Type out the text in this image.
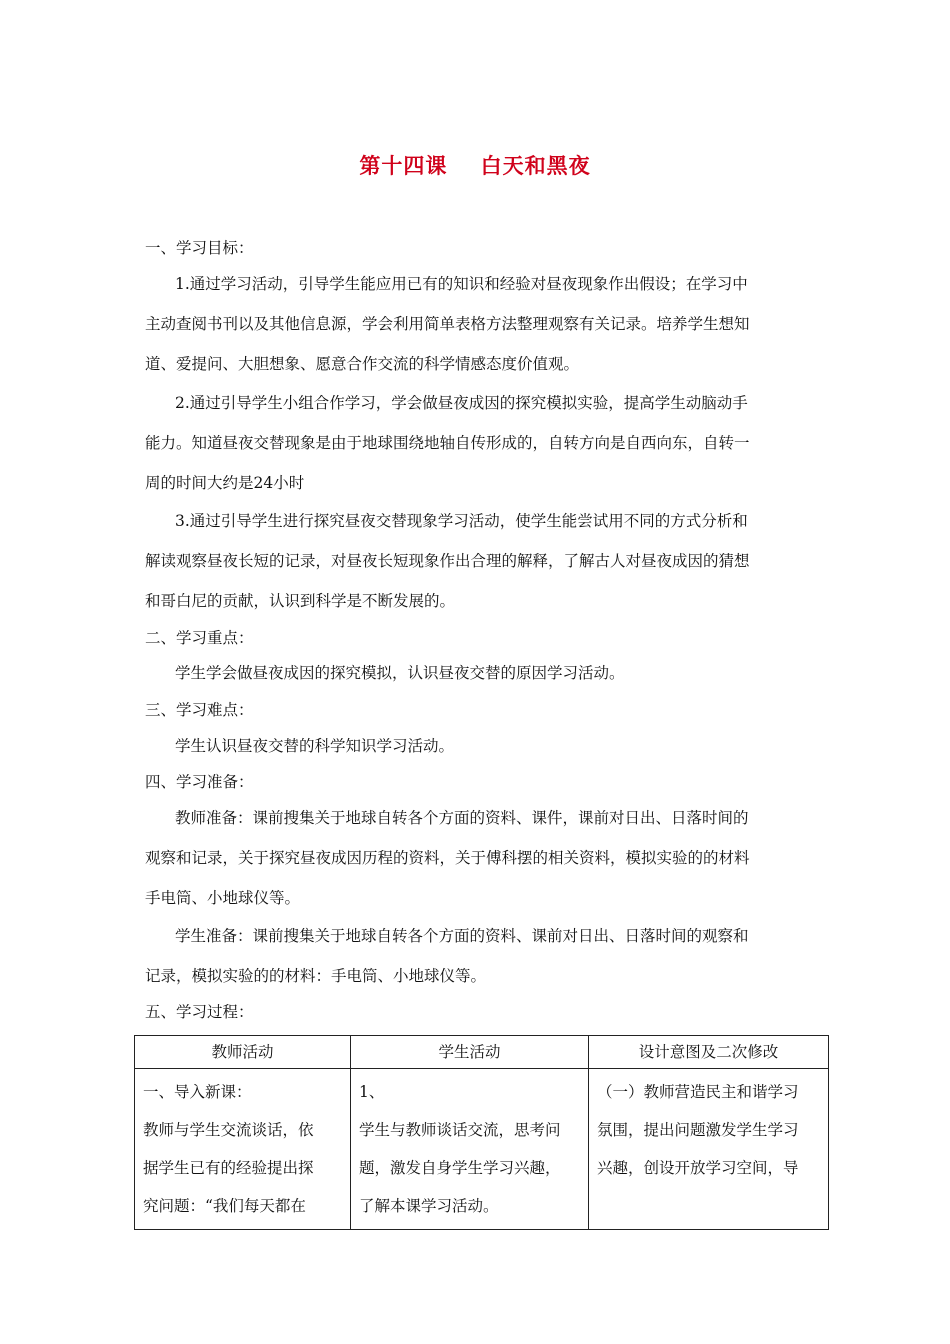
第十四课 白天和黑夜
一、学习目标：
1.通过学习活动，引导学生能应用已有的知识和经验对昼夜现象作出假设；在学习中
主动查阅书刊以及其他信息源，学会利用简单表格方法整理观察有关记录。培养学生想知
道、爱提问、大胆想象、愿意合作交流的科学情感态度价值观。
2.通过引导学生小组合作学习，学会做昼夜成因的探究模拟实验，提高学生动脑动手
能力。知道昼夜交替现象是由于地球围绕地轴自传形成的，自转方向是自西向东，自转一
周的时间大约是24小时
3.通过引导学生进行探究昼夜交替现象学习活动，使学生能尝试用不同的方式分析和
解读观察昼夜长短的记录，对昼夜长短现象作出合理的解释，了解古人对昼夜成因的猜想
和哥白尼的贡献，认识到科学是不断发展的。
二、学习重点：
学生学会做昼夜成因的探究模拟，认识昼夜交替的原因学习活动。
三、学习难点：
学生认识昼夜交替的科学知识学习活动。
四、学习准备：
教师准备：课前搜集关于地球自转各个方面的资料、课件，课前对日出、日落时间的
观察和记录，关于探究昼夜成因历程的资料，关于傅科摆的相关资料，模拟实验的的材料
手电筒、小地球仪等。
学生准备：课前搜集关于地球自转各个方面的资料、课前对日出、日落时间的观察和
记录，模拟实验的的材料：手电筒、小地球仪等。
五、学习过程：
教师活动	学生活动	设计意图及二次修改

一、导入新课：
教师与学生交流谈话，依
据学生已有的经验提出探
究问题：“我们每天都在	1、
学生与教师谈话交流，思考问
题，激发自身学生学习兴趣，
了解本课学习活动。	（一）教师营造民主和谐学习
氛围，提出问题激发学生学习
兴趣，创设开放学习空间，导
